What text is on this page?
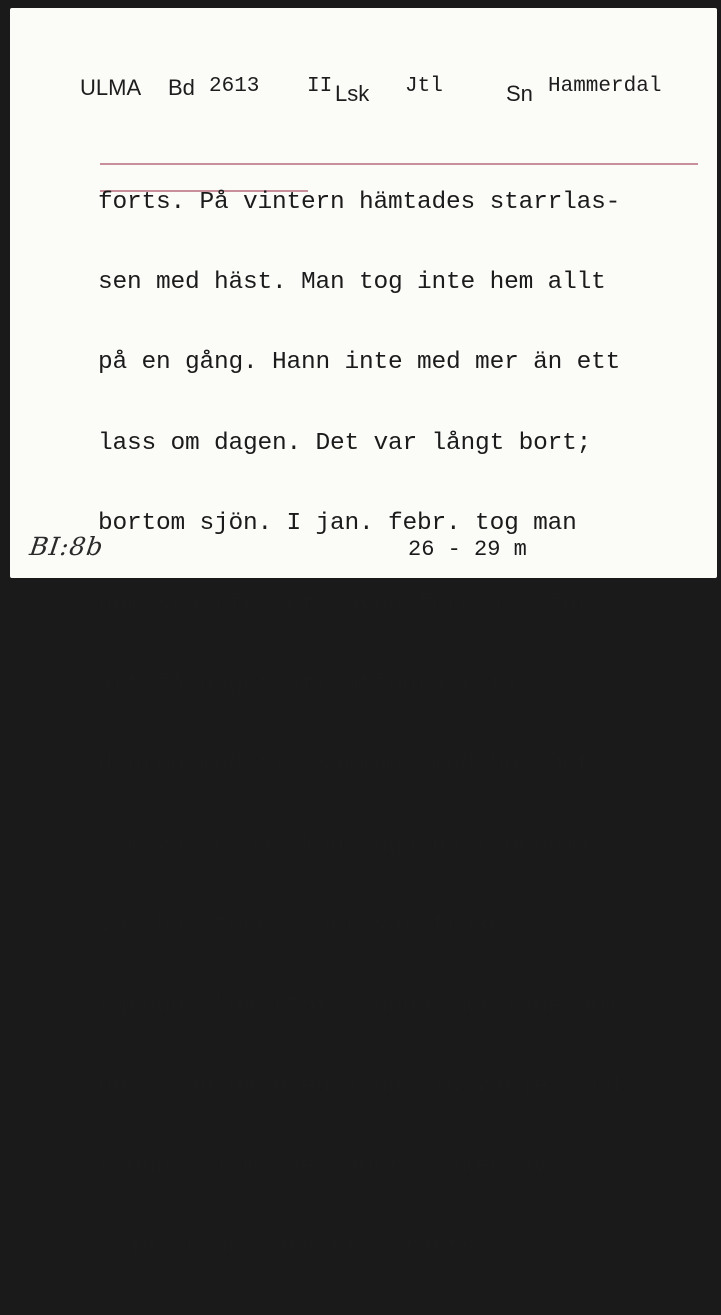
ULMA Bd 2613 II Lsk Jtl	Sn Hammerdal

forts. På vintern hämtades starrlas-

sen med häst. Man tog inte hem allt

på en gång. Hann inte med mer än ett

lass om dagen. Det var långt bort;

bortom sjön. I jan. febr. tog man

hem starrfodret; även före jul för

att få något att utfodra (stiill)

djuren med tillsammans med hö. Det

som växte på skogsängarna (sönnom)

var hästfoder. Det var fräken

(gröun);"hästfors-sönna" kallade dom

det. Man hade en lada vid varje sund

(sönn). Timrade lador. Taken av

spjälor och bräder.  forts.

BI:8b	26 - 29 m
